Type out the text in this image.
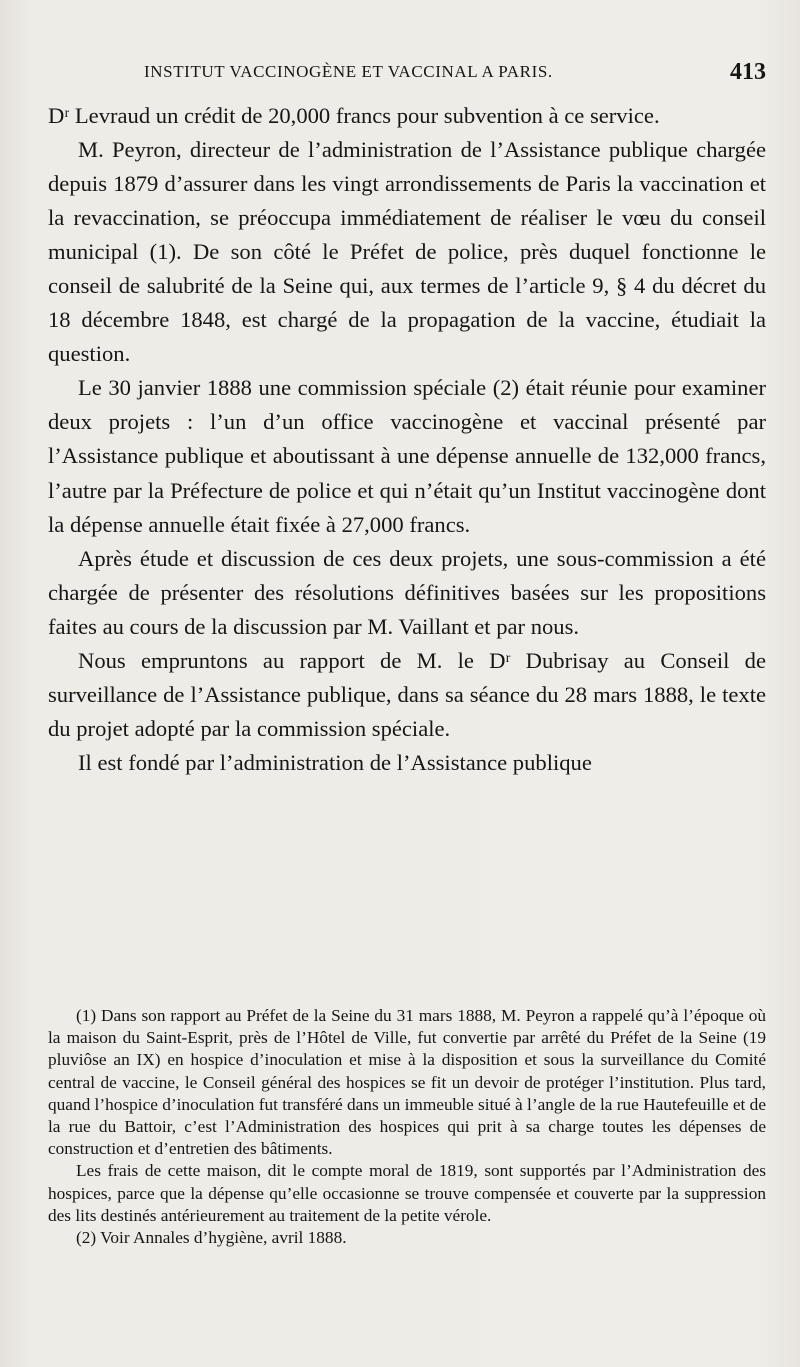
INSTITUT VACCINOGÈNE ET VACCINAL A PARIS.	413

Dʳ Levraud un crédit de 20,000 francs pour subvention à ce service.

M. Peyron, directeur de l’administration de l’Assistance publique chargée depuis 1879 d’assurer dans les vingt arrondissements de Paris la vaccination et la revaccination, se préoccupa immédiatement de réaliser le vœu du conseil municipal (1). De son côté le Préfet de police, près duquel fonctionne le conseil de salubrité de la Seine qui, aux termes de l’article 9, § 4 du décret du 18 décembre 1848, est chargé de la propagation de la vaccine, étudiait la question.

Le 30 janvier 1888 une commission spéciale (2) était réunie pour examiner deux projets : l’un d’un office vaccinogène et vaccinal présenté par l’Assistance publique et aboutissant à une dépense annuelle de 132,000 francs, l’autre par la Préfecture de police et qui n’était qu’un Institut vaccinogène dont la dépense annuelle était fixée à 27,000 francs.

Après étude et discussion de ces deux projets, une sous-commission a été chargée de présenter des résolutions définitives basées sur les propositions faites au cours de la discussion par M. Vaillant et par nous.

Nous empruntons au rapport de M. le Dʳ Dubrisay au Conseil de surveillance de l’Assistance publique, dans sa séance du 28 mars 1888, le texte du projet adopté par la commission spéciale.

Il est fondé par l’administration de l’Assistance publique

(1) Dans son rapport au Préfet de la Seine du 31 mars 1888, M. Peyron a rappelé qu’à l’époque où la maison du Saint-Esprit, près de l’Hôtel de Ville, fut convertie par arrêté du Préfet de la Seine (19 pluviôse an IX) en hospice d’inoculation et mise à la disposition et sous la surveillance du Comité central de vaccine, le Conseil général des hospices se fit un devoir de protéger l’institution. Plus tard, quand l’hospice d’inoculation fut transféré dans un immeuble situé à l’angle de la rue Hautefeuille et de la rue du Battoir, c’est l’Administration des hospices qui prit à sa charge toutes les dépenses de construction et d’entretien des bâtiments.

Les frais de cette maison, dit le compte moral de 1819, sont supportés par l’Administration des hospices, parce que la dépense qu’elle occasionne se trouve compensée et couverte par la suppression des lits destinés antérieurement au traitement de la petite vérole.

(2) Voir Annales d’hygiène, avril 1888.
